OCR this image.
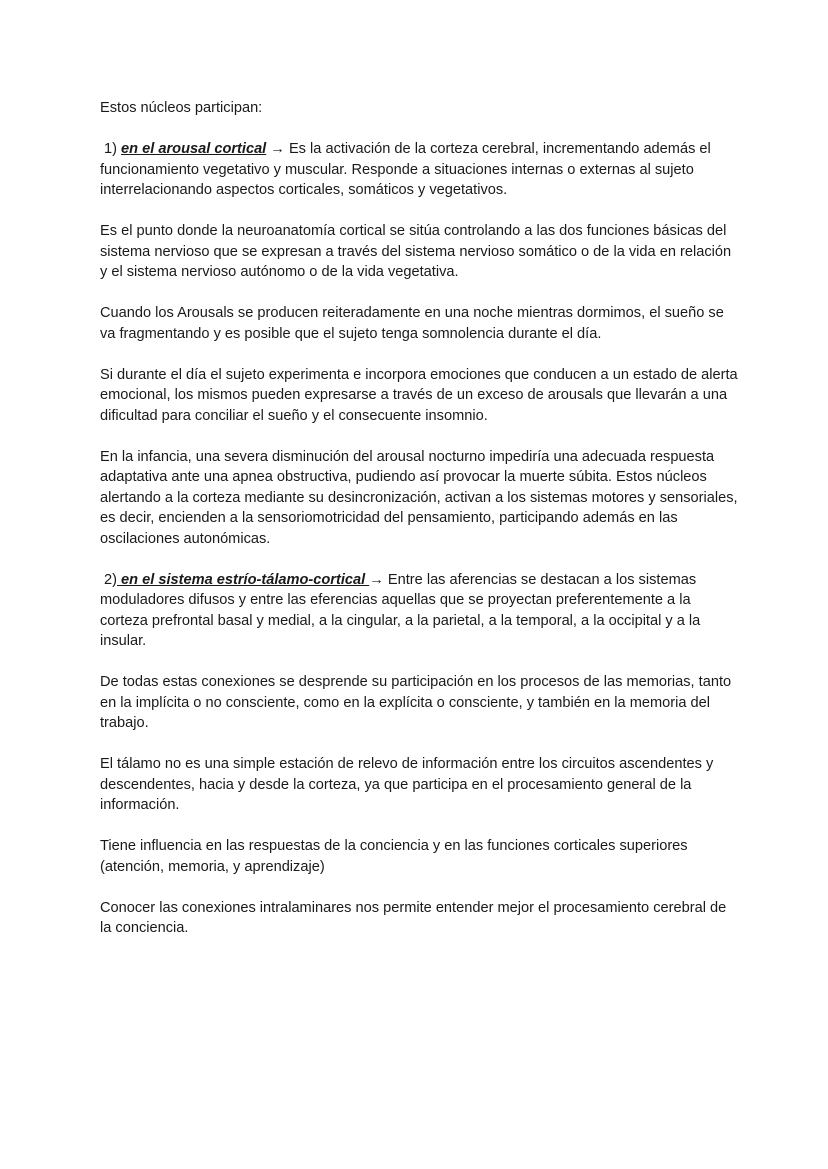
Estos núcleos participan:

1) en el arousal cortical → Es la activación de la corteza cerebral, incrementando además el funcionamiento vegetativo y muscular. Responde a situaciones internas o externas al sujeto interrelacionando aspectos corticales, somáticos y vegetativos.

Es el punto donde la neuroanatomía cortical se sitúa controlando a las dos funciones básicas del sistema nervioso que se expresan a través del sistema nervioso somático o de la vida en relación y el sistema nervioso autónomo o de la vida vegetativa.

Cuando los Arousals se producen reiteradamente en una noche mientras dormimos, el sueño se va fragmentando y es posible que el sujeto tenga somnolencia durante el día.

Si durante el día el sujeto experimenta e incorpora emociones que conducen a un estado de alerta emocional, los mismos pueden expresarse a través de un exceso de arousals que llevarán a una dificultad para conciliar el sueño y el consecuente insomnio.

En la infancia, una severa disminución del arousal nocturno impediría una adecuada respuesta adaptativa ante una apnea obstructiva, pudiendo así provocar la muerte súbita. Estos núcleos alertando a la corteza mediante su desincronización, activan a los sistemas motores y sensoriales, es decir, encienden a la sensoriomotricidad del pensamiento, participando además en las oscilaciones autonómicas.

2) en el sistema estrío-tálamo-cortical → Entre las aferencias se destacan a los sistemas moduladores difusos y entre las eferencias aquellas que se proyectan preferentemente a la corteza prefrontal basal y medial, a la cingular, a la parietal, a la temporal, a la occipital y a la insular.

De todas estas conexiones se desprende su participación en los procesos de las memorias, tanto en la implícita o no consciente, como en la explícita o consciente, y también en la memoria del trabajo.

El tálamo no es una simple estación de relevo de información entre los circuitos ascendentes y descendentes, hacia y desde la corteza, ya que participa en el procesamiento general de la información.

Tiene influencia en las respuestas de la conciencia y en las funciones corticales superiores (atención, memoria, y aprendizaje)

Conocer las conexiones intralaminares nos permite entender mejor el procesamiento cerebral de la conciencia.
